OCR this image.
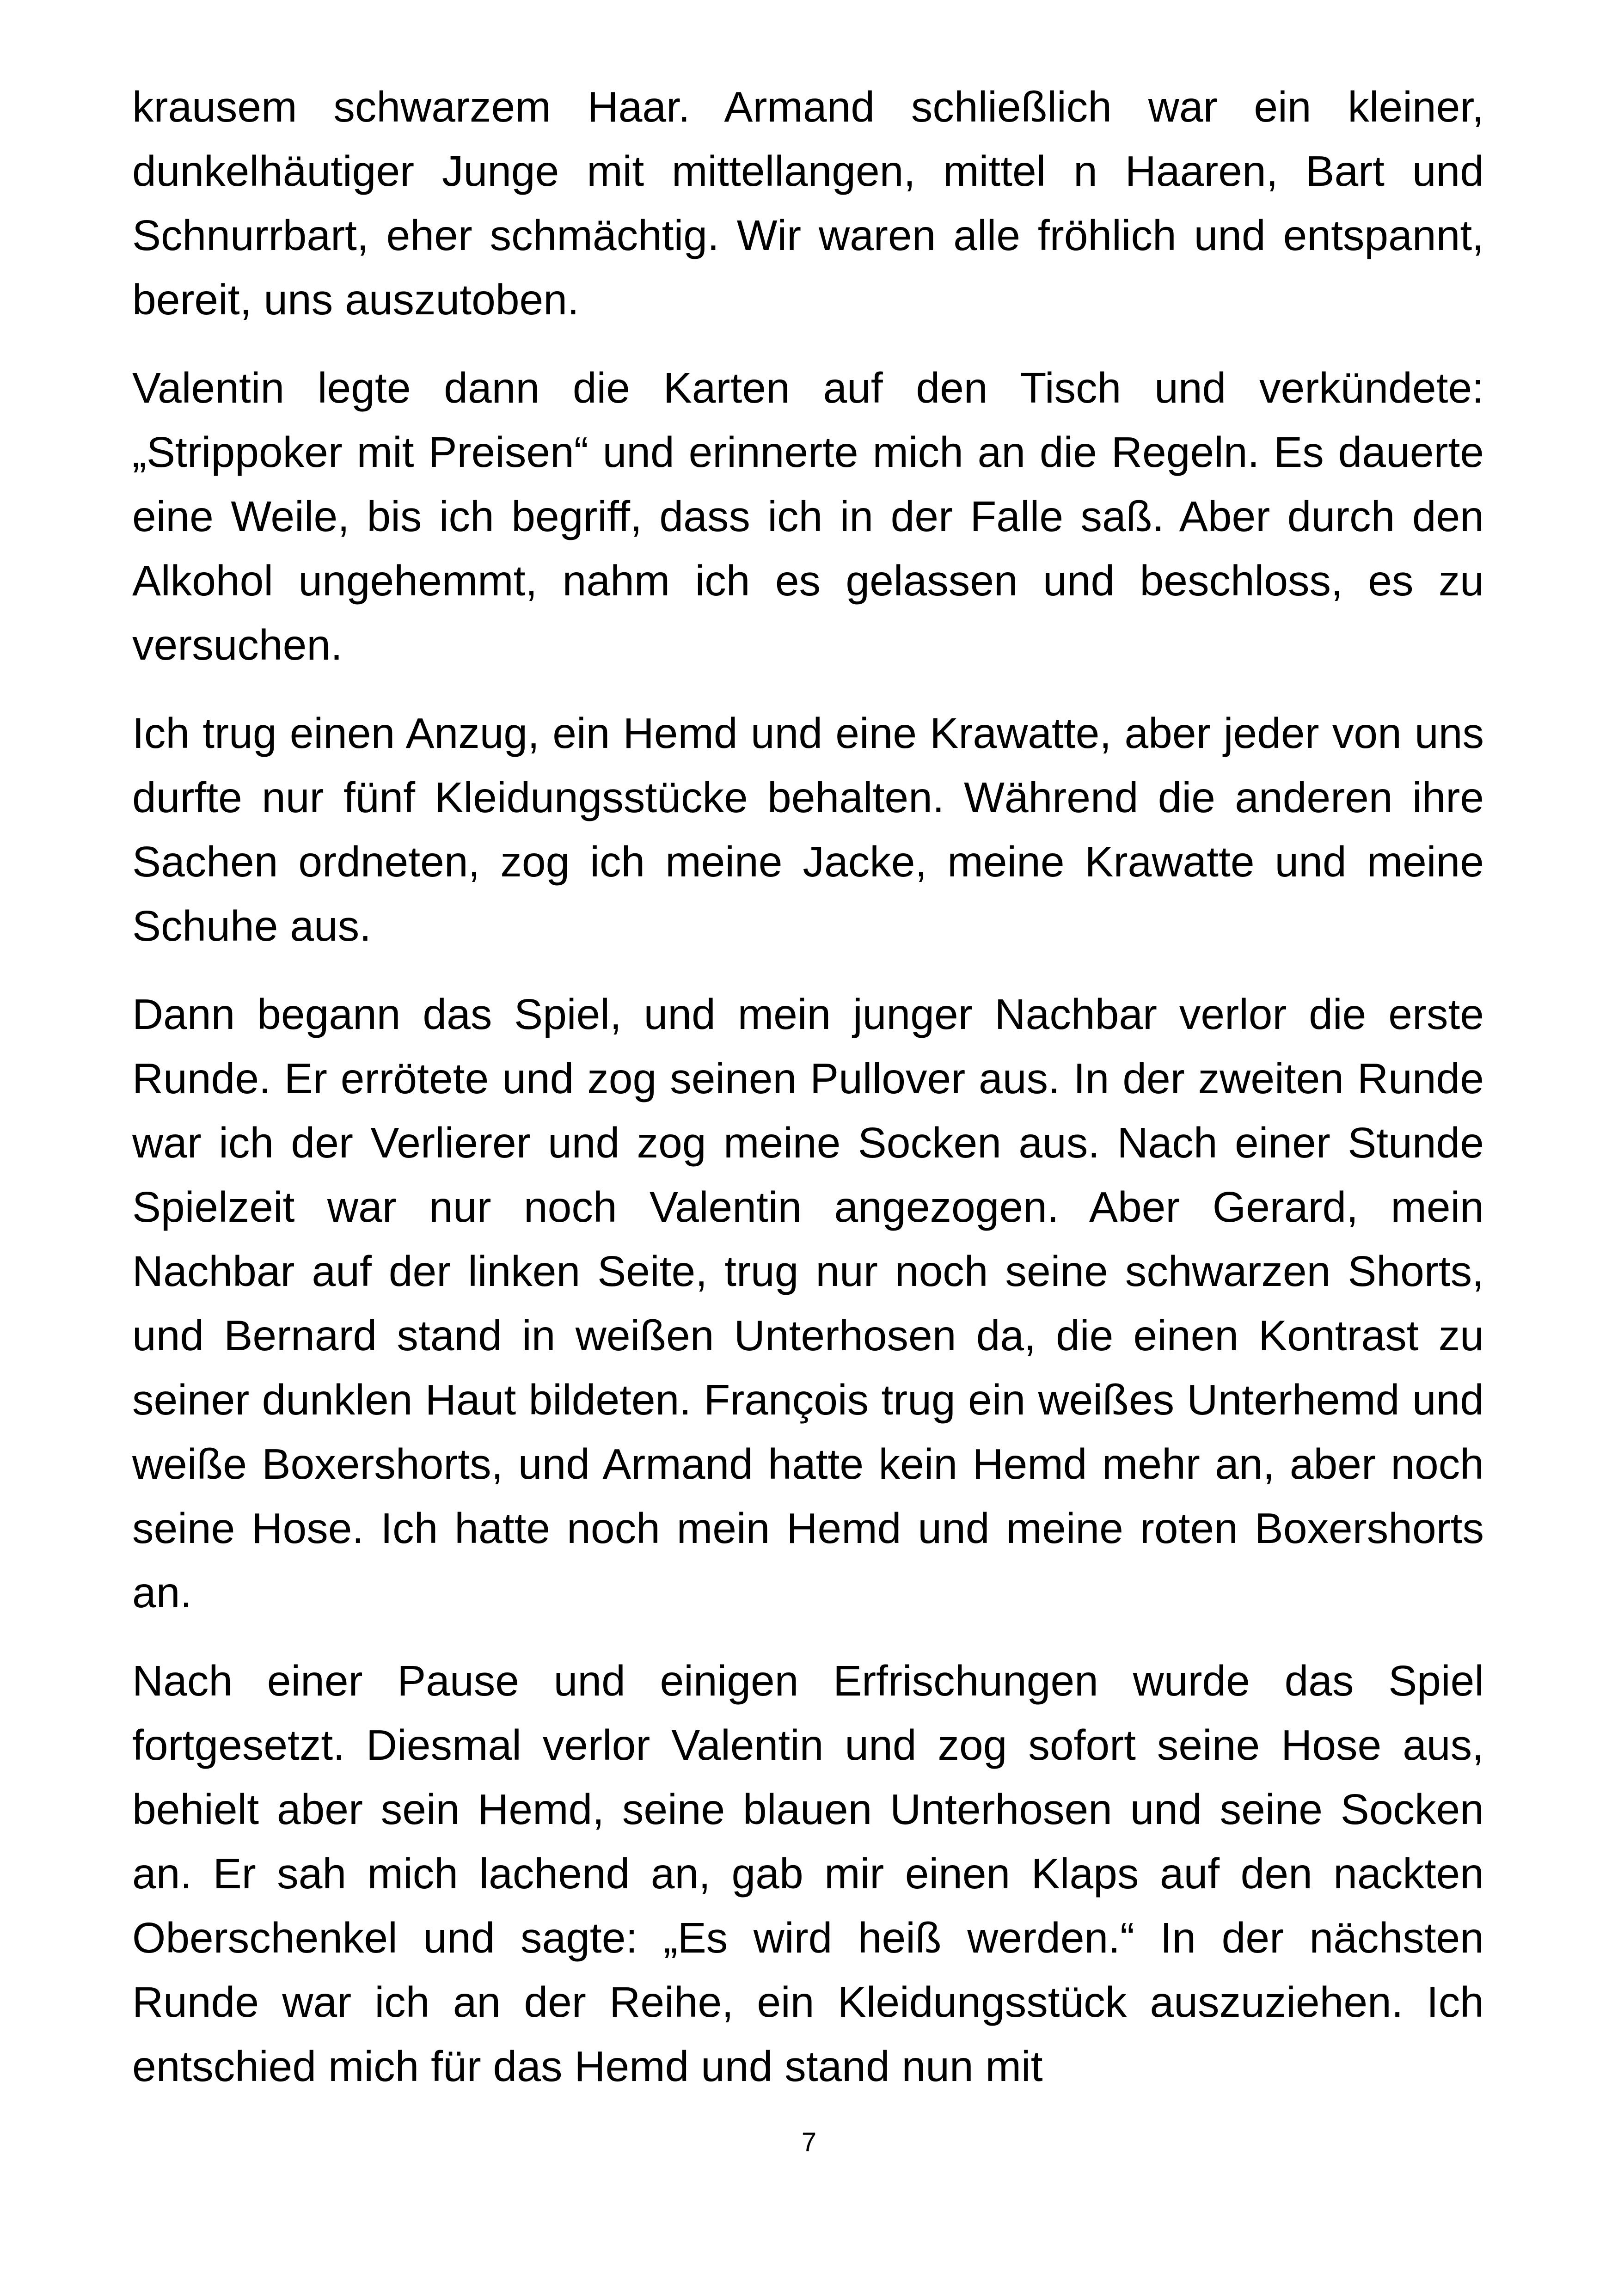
krausem schwarzem Haar. Armand schließlich war ein kleiner, dunkelhäutiger Junge mit mittellangen, mittel n Haaren, Bart und Schnurrbart, eher schmächtig. Wir waren alle fröhlich und entspannt, bereit, uns auszutoben.

Valentin legte dann die Karten auf den Tisch und verkündete: „Strippoker mit Preisen“ und erinnerte mich an die Regeln. Es dauerte eine Weile, bis ich begriff, dass ich in der Falle saß. Aber durch den Alkohol ungehemmt, nahm ich es gelassen und beschloss, es zu versuchen.

Ich trug einen Anzug, ein Hemd und eine Krawatte, aber jeder von uns durfte nur fünf Kleidungsstücke behalten. Während die anderen ihre Sachen ordneten, zog ich meine Jacke, meine Krawatte und meine Schuhe aus.

Dann begann das Spiel, und mein junger Nachbar verlor die erste Runde. Er errötete und zog seinen Pullover aus. In der zweiten Runde war ich der Verlierer und zog meine Socken aus. Nach einer Stunde Spielzeit war nur noch Valentin angezogen. Aber Gerard, mein Nachbar auf der linken Seite, trug nur noch seine schwarzen Shorts, und Bernard stand in weißen Unterhosen da, die einen Kontrast zu seiner dunklen Haut bildeten. François trug ein weißes Unterhemd und weiße Boxershorts, und Armand hatte kein Hemd mehr an, aber noch seine Hose. Ich hatte noch mein Hemd und meine roten Boxershorts an.

Nach einer Pause und einigen Erfrischungen wurde das Spiel fortgesetzt. Diesmal verlor Valentin und zog sofort seine Hose aus, behielt aber sein Hemd, seine blauen Unterhosen und seine Socken an. Er sah mich lachend an, gab mir einen Klaps auf den nackten Oberschenkel und sagte: „Es wird heiß werden.“ In der nächsten Runde war ich an der Reihe, ein Kleidungsstück auszuziehen. Ich entschied mich für das Hemd und stand nun mit

7
